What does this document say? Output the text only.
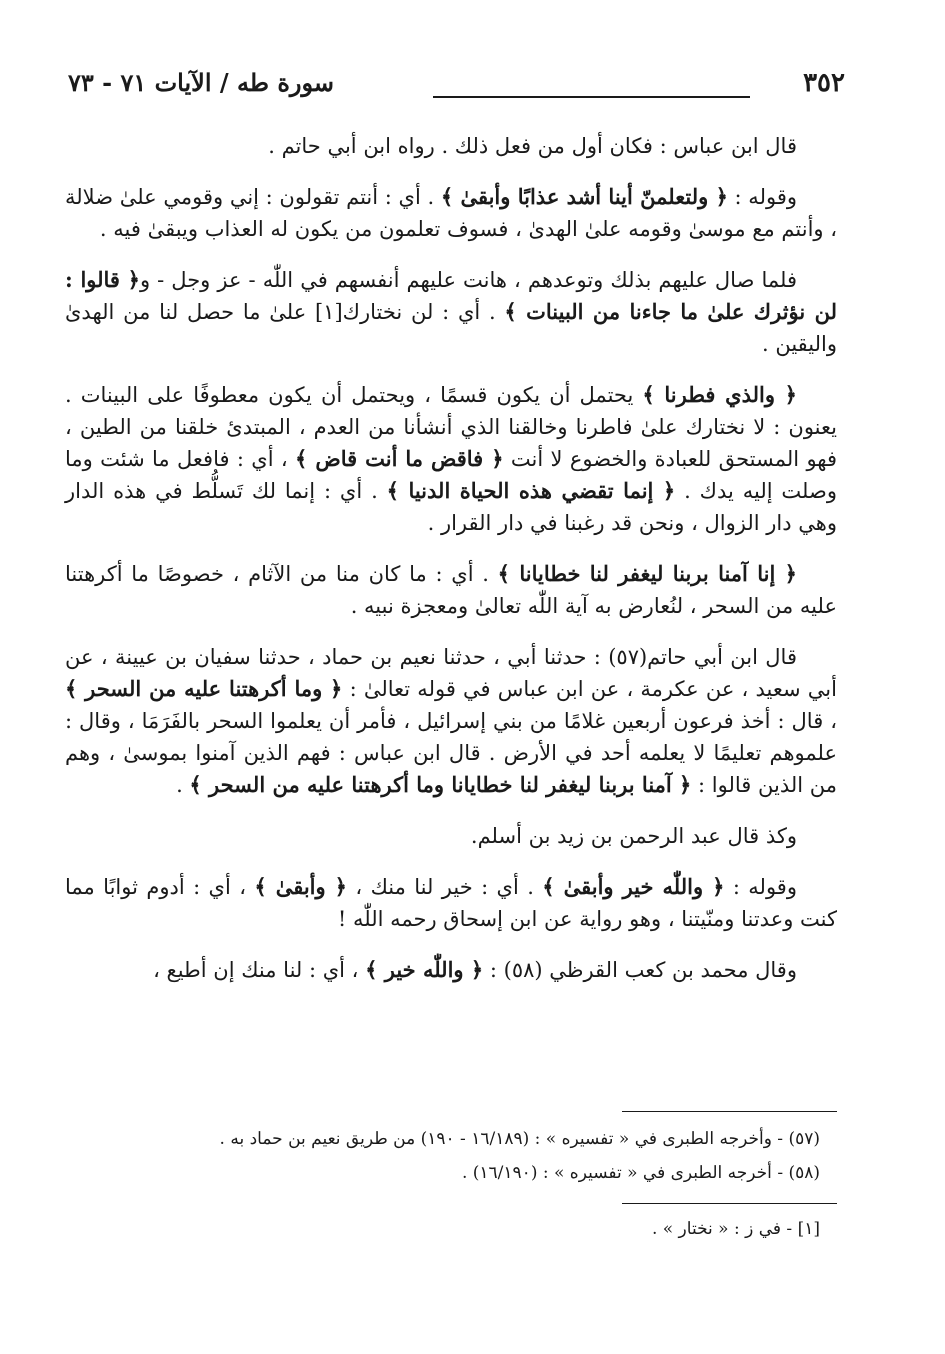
٣٥٢
سورة طه / الآيات ٧١ - ٧٣

قال ابن عباس : فكان أول من فعل ذلك . رواه ابن أبي حاتم .

وقوله : ﴿ ولتعلمنّ أينا أشد عذابًا وأبقىٰ ﴾ . أي : أنتم تقولون : إني وقومي علىٰ ضلالة ، وأنتم مع موسىٰ وقومه علىٰ الهدىٰ ، فسوف تعلمون من يكون له العذاب ويبقىٰ فيه .

فلما صال عليهم بذلك وتوعدهم ، هانت عليهم أنفسهم في اللّٰه - عز وجل - و﴿ قالوا : لن نؤثرك علىٰ ما جاءنا من البينات ﴾ . أي : لن نختارك[١] علىٰ ما حصل لنا من الهدىٰ واليقين .

﴿ والذي فطرنا ﴾ يحتمل أن يكون قسمًا ، ويحتمل أن يكون معطوفًا على البينات . يعنون : لا نختارك علىٰ فاطرنا وخالقنا الذي أنشأنا من العدم ، المبتدئ خلقنا من الطين ، فهو المستحق للعبادة والخضوع لا أنت ﴿ فاقض ما أنت قاض ﴾ ، أي : فافعل ما شئت وما وصلت إليه يدك . ﴿ إنما تقضي هذه الحياة الدنيا ﴾ . أي : إنما لك تَسلُّط في هذه الدار وهي دار الزوال ، ونحن قد رغبنا في دار القرار .

﴿ إنا آمنا بربنا ليغفر لنا خطايانا ﴾ . أي : ما كان منا من الآثام ، خصوصًا ما أكرهتنا عليه من السحر ، لنُعارض به آية اللّٰه تعالىٰ ومعجزة نبيه .

قال ابن أبي حاتم(٥٧) : حدثنا أبي ، حدثنا نعيم بن حماد ، حدثنا سفيان بن عيينة ، عن أبي سعيد ، عن عكرمة ، عن ابن عباس في قوله تعالىٰ : ﴿ وما أكرهتنا عليه من السحر ﴾ ، قال : أخذ فرعون أربعين غلامًا من بني إسرائيل ، فأمر أن يعلموا السحر بالفَرَمَا ، وقال : علموهم تعليمًا لا يعلمه أحد في الأرض . قال ابن عباس : فهم الذين آمنوا بموسىٰ ، وهم من الذين قالوا : ﴿ آمنا بربنا ليغفر لنا خطايانا وما أكرهتنا عليه من السحر ﴾ .

وكذ قال عبد الرحمن بن زيد بن أسلم.

وقوله : ﴿ واللّٰه خير وأبقىٰ ﴾ . أي : خير لنا منك ، ﴿ وأبقىٰ ﴾ ، أي : أدوم ثوابًا مما كنت وعدتنا ومنّيتنا ، وهو رواية عن ابن إسحاق رحمه اللّٰه !

وقال محمد بن كعب القرظي (٥٨) : ﴿ واللّٰه خير ﴾ ، أي : لنا منك إن أطيع ،

(٥٧) - وأخرجه الطبرى في « تفسيره » : (١٦/١٨٩ - ١٩٠) من طريق نعيم بن حماد به .

(٥٨) - أخرجه الطبرى في « تفسيره » : (١٦/١٩٠) .

[١] - في ز : « نختار » .
